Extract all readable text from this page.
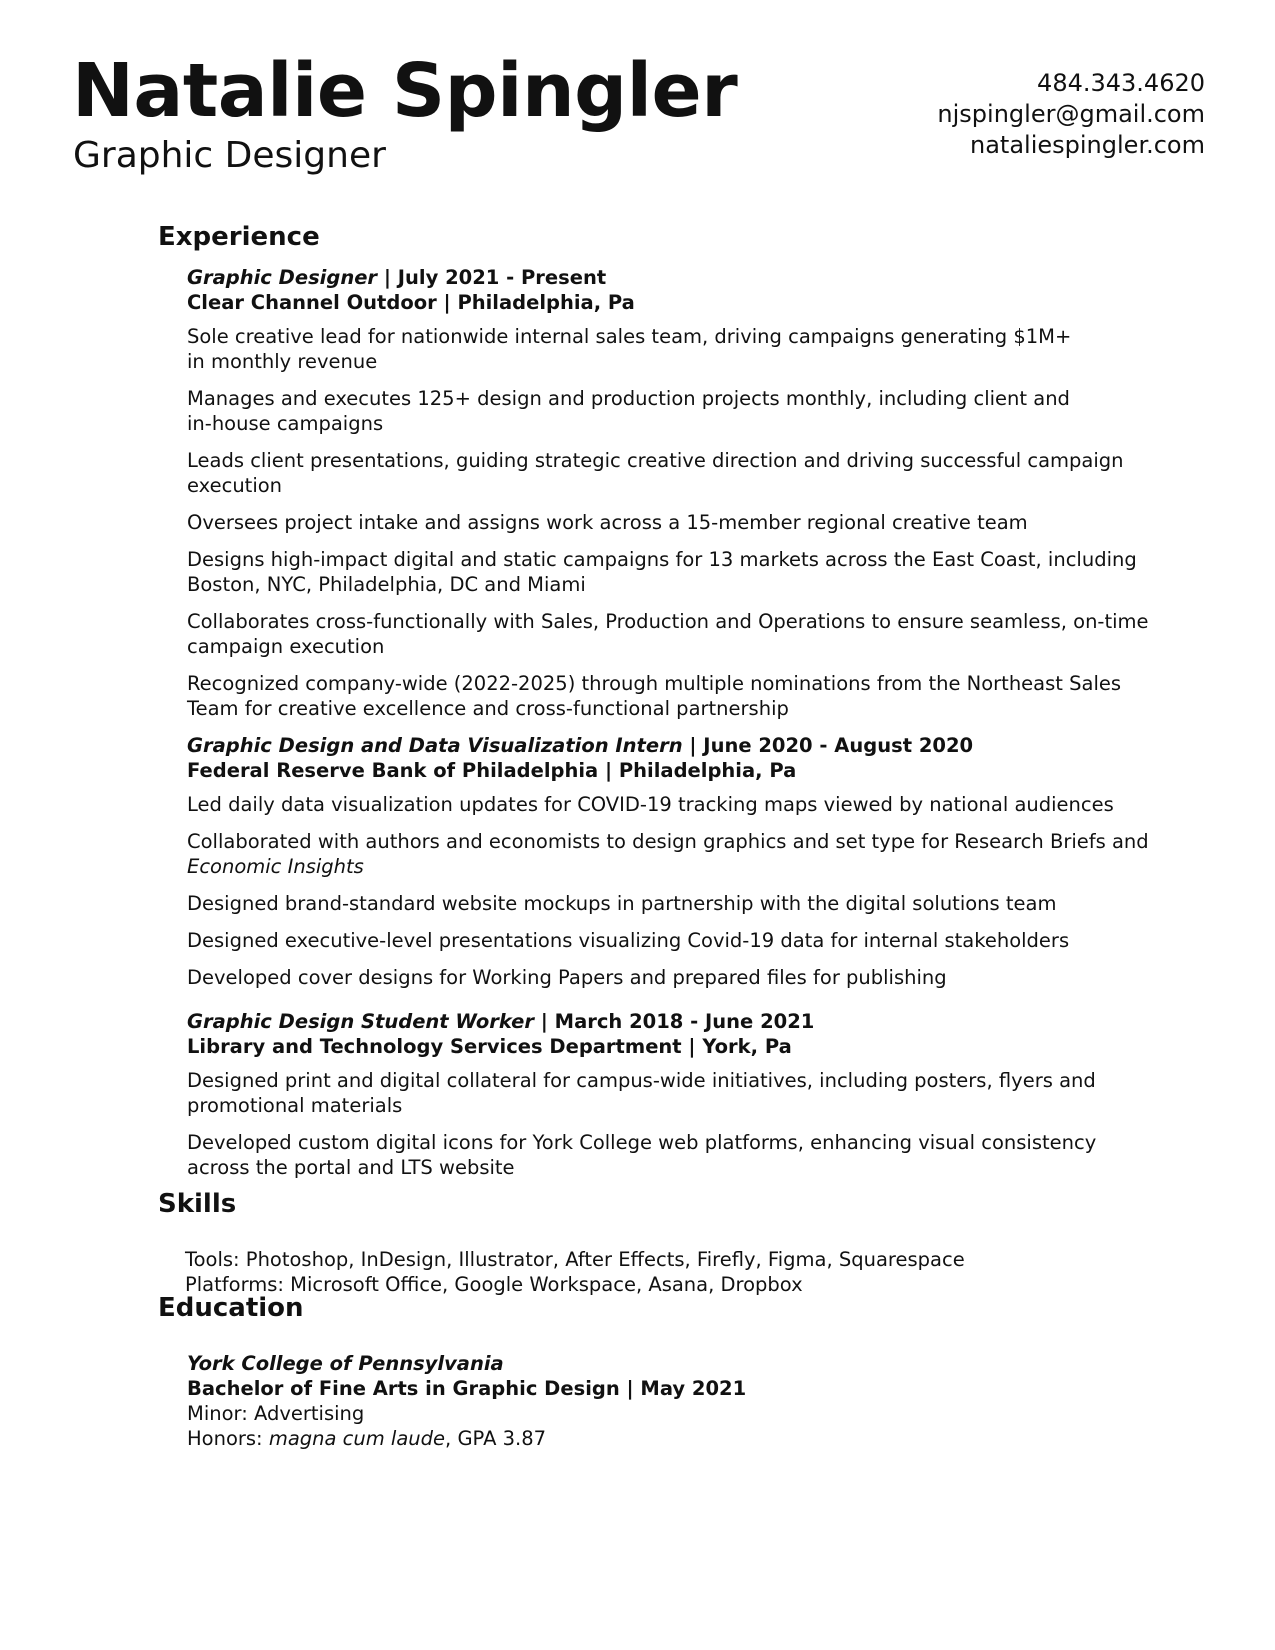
Natalie Spingler
Graphic Designer
484.343.4620
njspingler@gmail.com
nataliespingler.com
Experience
Graphic Designer | July 2021 - Present
Clear Channel Outdoor | Philadelphia, Pa
Sole creative lead for nationwide internal sales team, driving campaigns generating $1M+
in monthly revenue
Manages and executes 125+ design and production projects monthly, including client and
in-house campaigns
Leads client presentations, guiding strategic creative direction and driving successful campaign
execution
Oversees project intake and assigns work across a 15-member regional creative team
Designs high-impact digital and static campaigns for 13 markets across the East Coast, including
Boston, NYC, Philadelphia, DC and Miami
Collaborates cross-functionally with Sales, Production and Operations to ensure seamless, on-time
campaign execution
Recognized company-wide (2022-2025) through multiple nominations from the Northeast Sales
Team for creative excellence and cross-functional partnership
Graphic Design and Data Visualization Intern | June 2020 - August 2020
Federal Reserve Bank of Philadelphia | Philadelphia, Pa
Led daily data visualization updates for COVID-19 tracking maps viewed by national audiences
Collaborated with authors and economists to design graphics and set type for Research Briefs and
Economic Insights
Designed brand-standard website mockups in partnership with the digital solutions team
Designed executive-level presentations visualizing Covid-19 data for internal stakeholders
Developed cover designs for Working Papers and prepared files for publishing
Graphic Design Student Worker | March 2018 - June 2021
Library and Technology Services Department | York, Pa
Designed print and digital collateral for campus-wide initiatives, including posters, flyers and
promotional materials
Developed custom digital icons for York College web platforms, enhancing visual consistency
across the portal and LTS website
Skills
Tools: Photoshop, InDesign, Illustrator, After Effects, Firefly, Figma, Squarespace
Platforms: Microsoft Office, Google Workspace, Asana, Dropbox
Education
York College of Pennsylvania
Bachelor of Fine Arts in Graphic Design | May 2021
Minor: Advertising
Honors: magna cum laude, GPA 3.87
